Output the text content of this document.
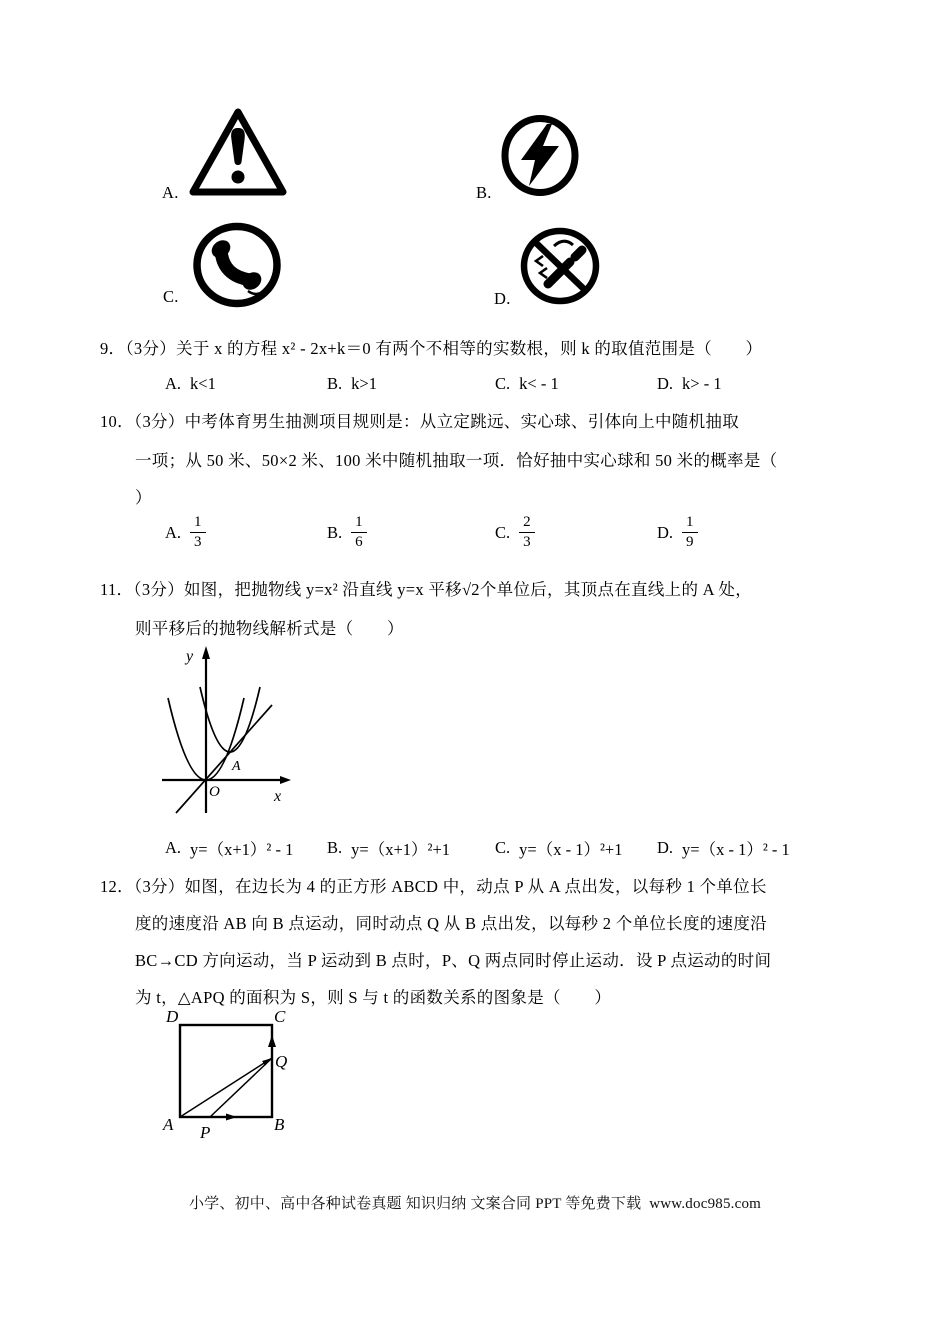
A.	B.
C.	D.
9．（3分）关于 x 的方程 x² - 2x+k＝0 有两个不相等的实数根，则 k 的取值范围是（　　）
A. k<1	B. k>1	C. k< - 1	D. k> - 1
10．（3分）中考体育男生抽测项目规则是：从立定跳远、实心球、引体向上中随机抽取
一项；从 50 米、50×2 米、100 米中随机抽取一项．恰好抽中实心球和 50 米的概率是（
）
A. $\frac{1}{3}$	B. $\frac{1}{6}$	C. $\frac{2}{3}$	D. $\frac{1}{9}$
11．（3分）如图，把抛物线 y=x² 沿直线 y=x 平移√2个单位后，其顶点在直线上的 A 处，
则平移后的抛物线解析式是（　　）
y
x
O
A
A. y=（x+1）² - 1 B. y=（x+1）²+1	C. y=（x - 1）²+1 D. y=（x - 1）² - 1
12．（3分）如图，在边长为 4 的正方形 ABCD 中，动点 P 从 A 点出发，以每秒 1 个单位长
度的速度沿 AB 向 B 点运动，同时动点 Q 从 B 点出发，以每秒 2 个单位长度的速度沿
BC→CD 方向运动，当 P 运动到 B 点时，P、Q 两点同时停止运动．设 P 点运动的时间
为 t，△APQ 的面积为 S，则 S 与 t 的函数关系的图象是（　　）
D	C
A	B
P
Q
小学、初中、高中各种试卷真题 知识归纳 文案合同 PPT 等免费下载  www.doc985.com
